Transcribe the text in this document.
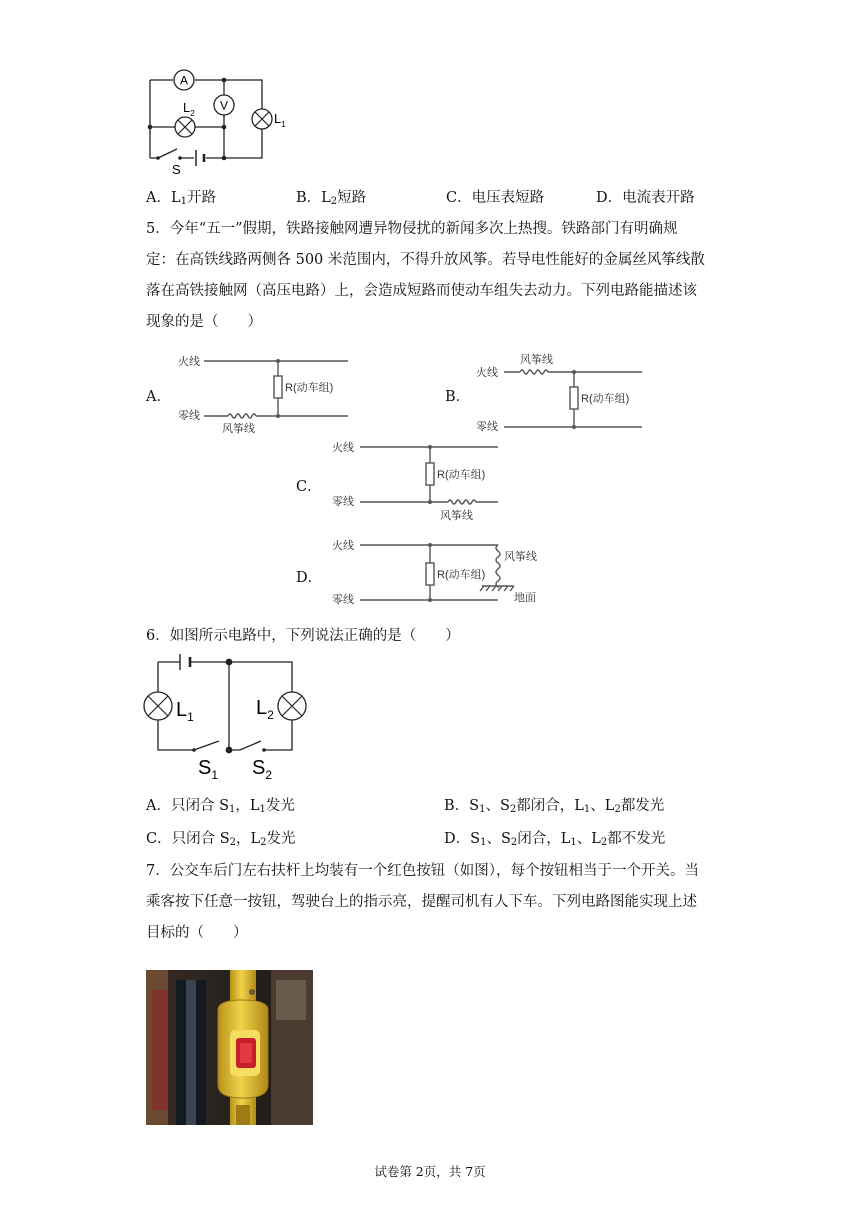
A
V
$L_2$	$L_1$
S
A．$L_1$开路	B．$L_2$短路	C．电压表短路	D．电流表开路
5．今年“五一”假期，铁路接触网遭异物侵扰的新闻多次上热搜。铁路部门有明确规
定：在高铁线路两侧各 500 米范围内，不得升放风筝。若导电性能好的金属丝风筝线散
落在高铁接触网（高压电路）上，会造成短路而使动车组失去动力。下列电路能描述该
现象的是（　　）
A．	B．
C．
D．
火线
零线
R(动车组)
风筝线
火线
零线
R(动车组)
风筝线
火线
零线
R(动车组)
风筝线
火线
零线
R(动车组)
风筝线
地面
6．如图所示电路中，下列说法正确的是（　　）
$L_1$	$L_2$
$S_1$ $S_2$
A．只闭合 $S_1$，$L_1$发光	B．$S_1$、$S_2$都闭合，$L_1$、$L_2$都发光
C．只闭合 $S_2$，$L_2$发光	D．$S_1$、$S_2$闭合，$L_1$、$L_2$都不发光
7．公交车后门左右扶杆上均装有一个红色按钮（如图），每个按钮相当于一个开关。当
乘客按下任意一按钮，驾驶台上的指示亮，提醒司机有人下车。下列电路图能实现上述
目标的（　　）
试卷第 2页，共 7页
